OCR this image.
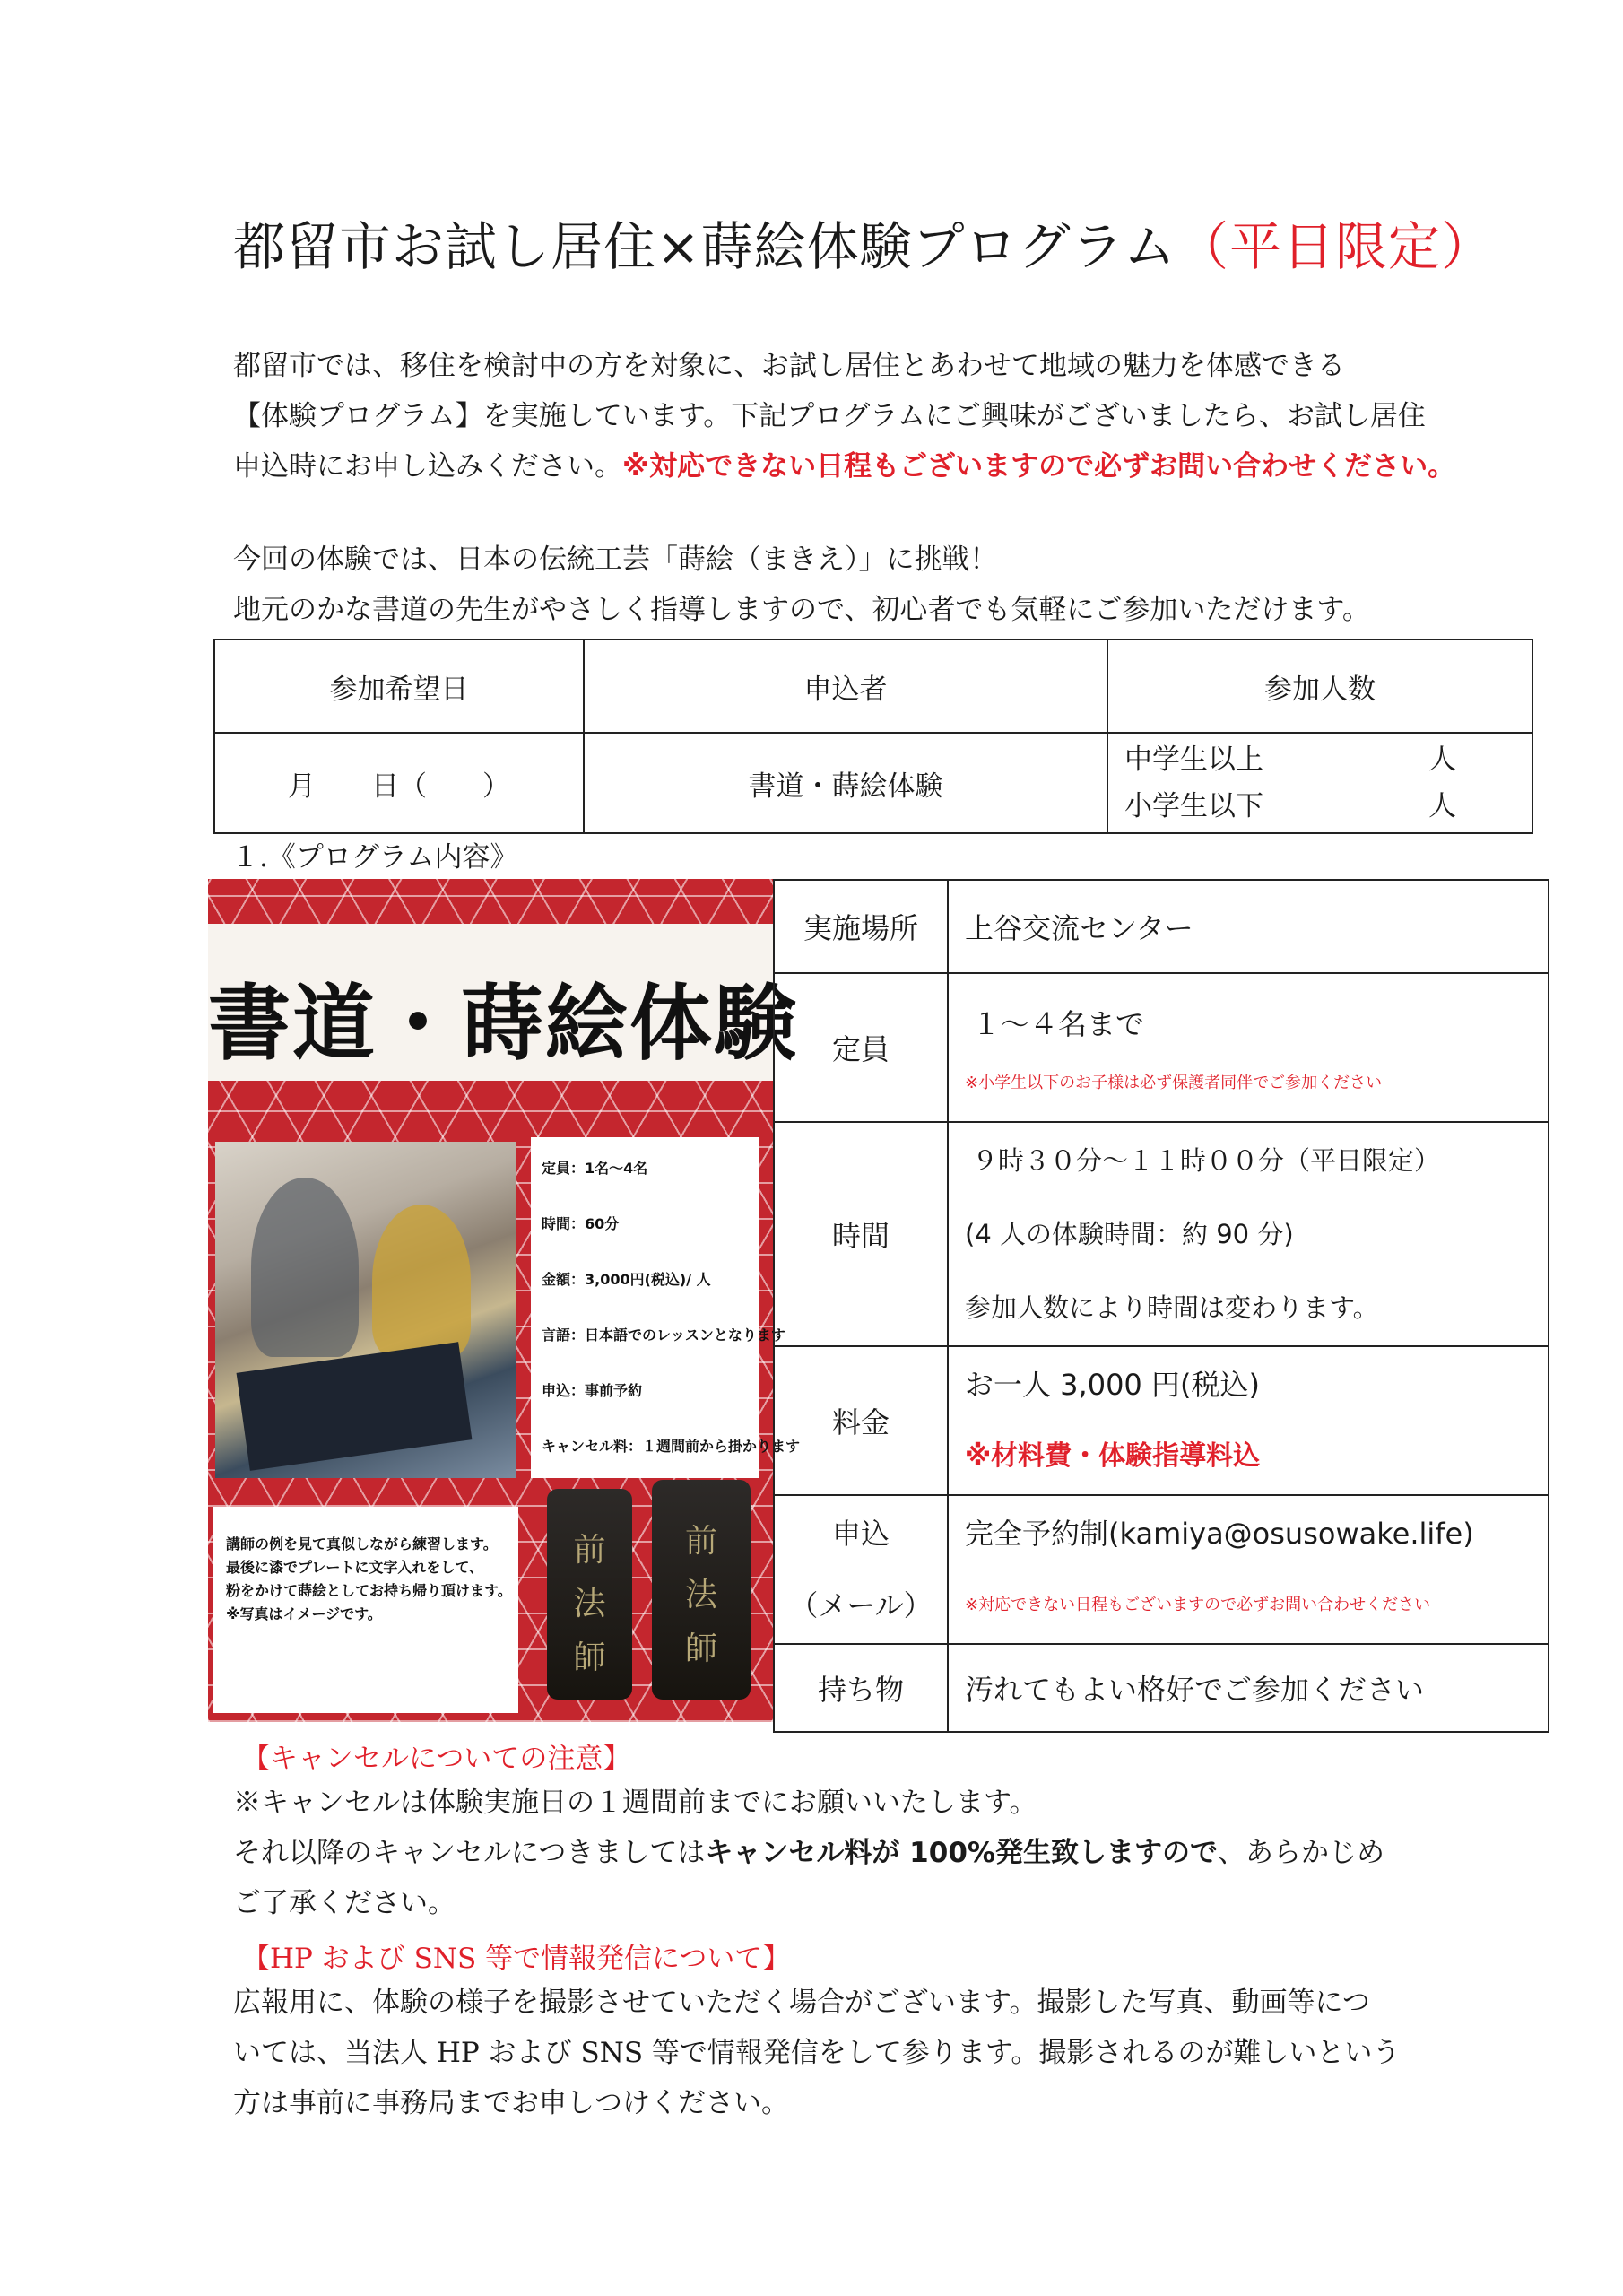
都留市お試し居住×蒔絵体験プログラム（平日限定）
都留市では、移住を検討中の方を対象に、お試し居住とあわせて地域の魅力を体感できる
【体験プログラム】を実施しています。下記プログラムにご興味がございましたら、お試し居住
申込時にお申し込みください。※対応できない日程もございますので必ずお問い合わせください。
今回の体験では、日本の伝統工芸「蒔絵（まきえ）」に挑戦！
地元のかな書道の先生がやさしく指導しますので、初心者でも気軽にご参加いただけます。
参加希望日	申込者	参加人数
月　　日（　　）	書道・蒔絵体験	中学生以上 人
小学生以下 人
１.《プログラム内容》
書道・蒔絵体験
定員：1名～4名
時間：60分
金額：3,000円(税込)/ 人
言語：日本語でのレッスンとなります
申込：事前予約
キャンセル料：１週間前から掛かります
講師の例を見て真似しながら練習します。
最後に漆でプレートに文字入れをして、
粉をかけて蒔絵としてお持ち帰り頂けます。
※写真はイメージです。
前
法
師
前
法
師
実施場所	上谷交流センター
定員	１～４名まで
※小学生以下のお子様は必ず保護者同伴でご参加ください

時間	９時３０分～１１時００分（平日限定）
(4 人の体験時間：約 90 分)
参加人数により時間は変わります。

料金	お一人 3,000 円(税込)
※材料費・体験指導料込

申込
（メール）	完全予約制(kamiya@osusowake.life)
※対応できない日程もございますので必ずお問い合わせください

持ち物	汚れてもよい格好でご参加ください
【キャンセルについての注意】
※キャンセルは体験実施日の１週間前までにお願いいたします。
それ以降のキャンセルにつきましてはキャンセル料が 100%発生致しますので、あらかじめ
ご了承ください。
【HP および SNS 等で情報発信について】
広報用に、体験の様子を撮影させていただく場合がございます。撮影した写真、動画等につ
いては、当法人 HP および SNS 等で情報発信をして参ります。撮影されるのが難しいという
方は事前に事務局までお申しつけください。
